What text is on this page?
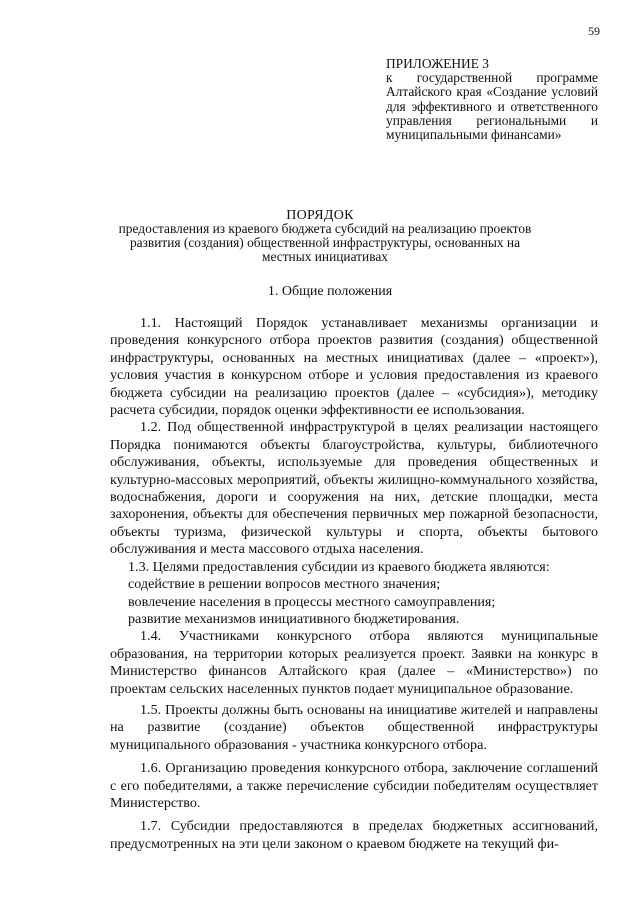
59
ПРИЛОЖЕНИЕ 3
к государственной программе Алтайского края «Создание условий для эффективного и ответственного управления региональными и муниципальными финансами»
ПОРЯДОК
предоставления из краевого бюджета субсидий на реализацию проектов развития (создания) общественной инфраструктуры, основанных на местных инициативах
1. Общие положения

1.1. Настоящий Порядок устанавливает механизмы организации и проведения конкурсного отбора проектов развития (создания) общественной инфраструктуры, основанных на местных инициативах (далее – «проект»), условия участия в конкурсном отборе и условия предоставления из краевого бюджета субсидии на реализацию проектов (далее – «субсидия»), методику расчета субсидии, порядок оценки эффективности ее использования.

1.2. Под общественной инфраструктурой в целях реализации настоящего Порядка понимаются объекты благоустройства, культуры, библиотечного обслуживания, объекты, используемые для проведения общественных и культурно-массовых мероприятий, объекты жилищно-коммунального хозяйства, водоснабжения, дороги и сооружения на них, детские площадки, места захоронения, объекты для обеспечения первичных мер пожарной безопасности, объекты туризма, физической культуры и спорта, объекты бытового обслуживания и места массового отдыха населения.

1.3. Целями предоставления субсидии из краевого бюджета являются:

содействие в решении вопросов местного значения;

вовлечение населения в процессы местного самоуправления;

развитие механизмов инициативного бюджетирования.

1.4. Участниками конкурсного отбора являются муниципальные образования, на территории которых реализуется проект. Заявки на конкурс в Министерство финансов Алтайского края (далее – «Министерство») по проектам сельских населенных пунктов подает муниципальное образование.

1.5. Проекты должны быть основаны на инициативе жителей и направлены на развитие (создание) объектов общественной инфраструктуры муниципального образования - участника конкурсного отбора.

1.6. Организацию проведения конкурсного отбора, заключение соглашений с его победителями, а также перечисление субсидии победителям осуществляет Министерство.

1.7. Субсидии предоставляются в пределах бюджетных ассигнований, предусмотренных на эти цели законом о краевом бюджете на текущий фи-
